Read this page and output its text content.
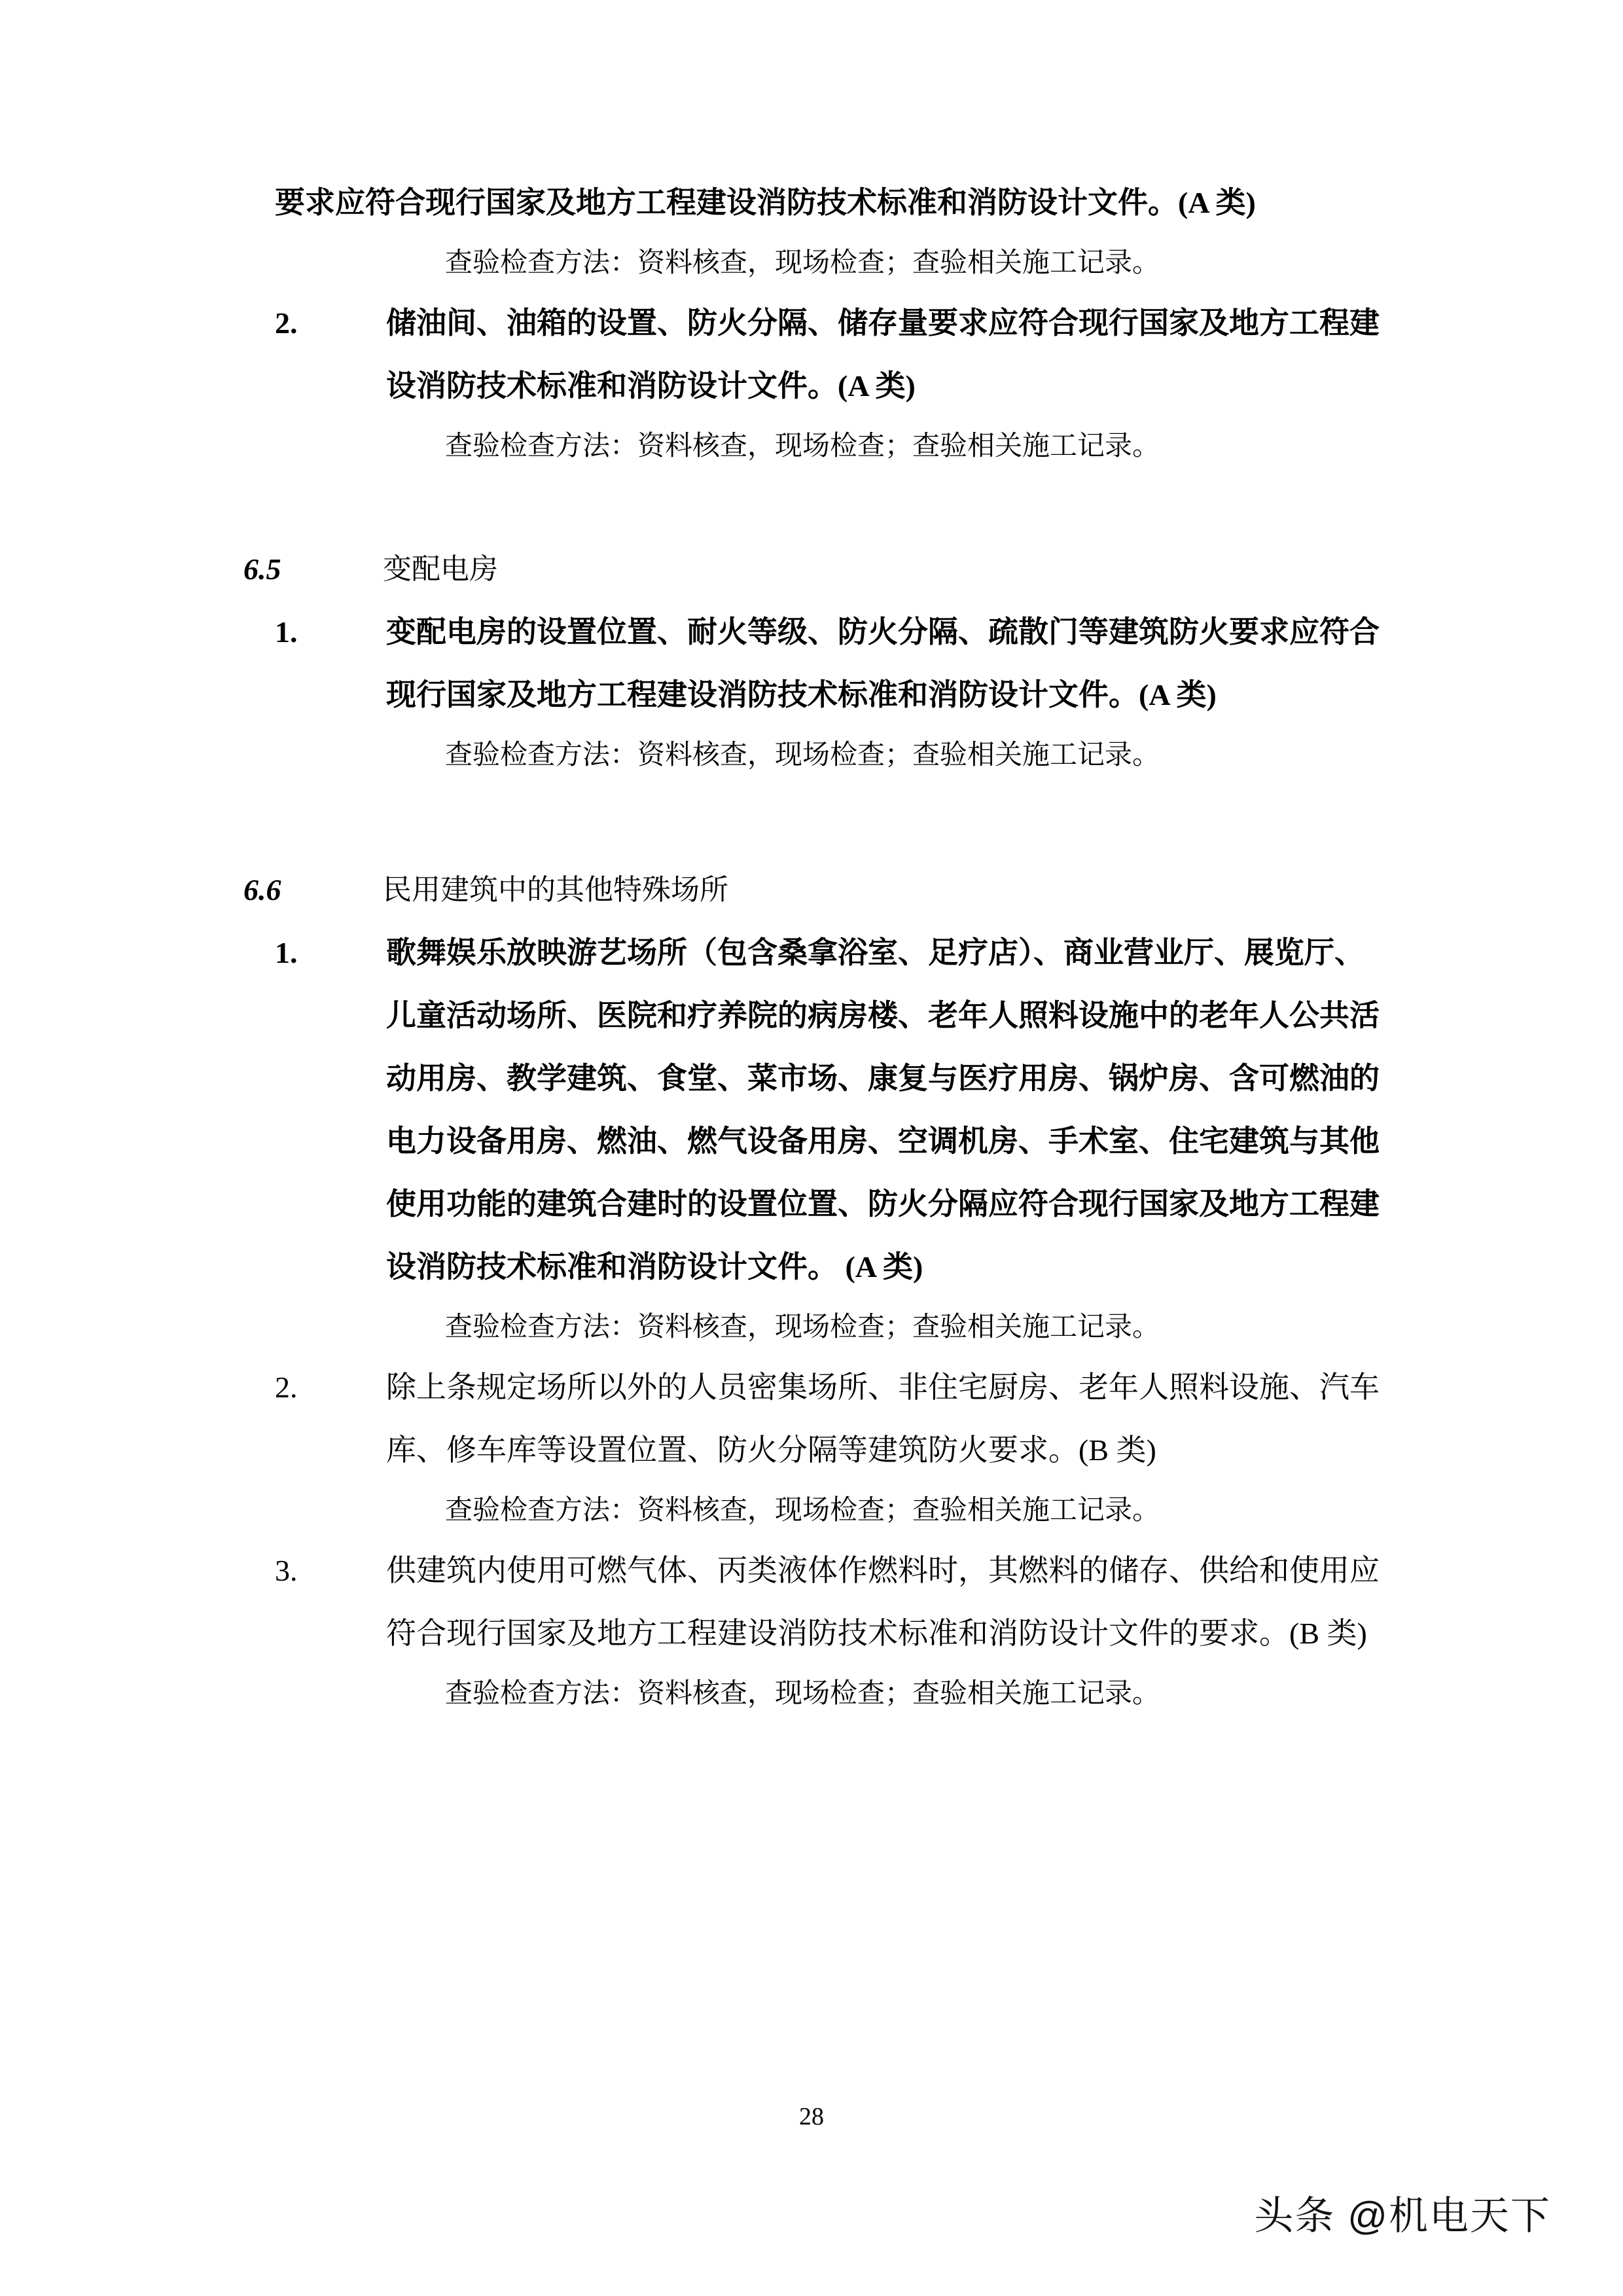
要求应符合现行国家及地方工程建设消防技术标准和消防设计文件。(A 类)

查验检查方法：资料核查，现场检查；查验相关施工记录。

2.	储油间、油箱的设置、防火分隔、储存量要求应符合现行国家及地方工程建设消防技术标准和消防设计文件。(A 类)

查验检查方法：资料核查，现场检查；查验相关施工记录。

6.5	变配电房

1.	变配电房的设置位置、耐火等级、防火分隔、疏散门等建筑防火要求应符合现行国家及地方工程建设消防技术标准和消防设计文件。(A 类)

查验检查方法：资料核查，现场检查；查验相关施工记录。

6.6	民用建筑中的其他特殊场所

1.	歌舞娱乐放映游艺场所（包含桑拿浴室、足疗店）、商业营业厅、展览厅、儿童活动场所、医院和疗养院的病房楼、老年人照料设施中的老年人公共活动用房、教学建筑、食堂、菜市场、康复与医疗用房、锅炉房、含可燃油的电力设备用房、燃油、燃气设备用房、空调机房、手术室、住宅建筑与其他使用功能的建筑合建时的设置位置、防火分隔应符合现行国家及地方工程建设消防技术标准和消防设计文件。 (A 类)

查验检查方法：资料核查，现场检查；查验相关施工记录。

2.	除上条规定场所以外的人员密集场所、非住宅厨房、老年人照料设施、汽车库、修车库等设置位置、防火分隔等建筑防火要求。(B 类)

查验检查方法：资料核查，现场检查；查验相关施工记录。

3.	供建筑内使用可燃气体、丙类液体作燃料时，其燃料的储存、供给和使用应符合现行国家及地方工程建设消防技术标准和消防设计文件的要求。(B 类)

查验检查方法：资料核查，现场检查；查验相关施工记录。

28
头条 @机电天下
